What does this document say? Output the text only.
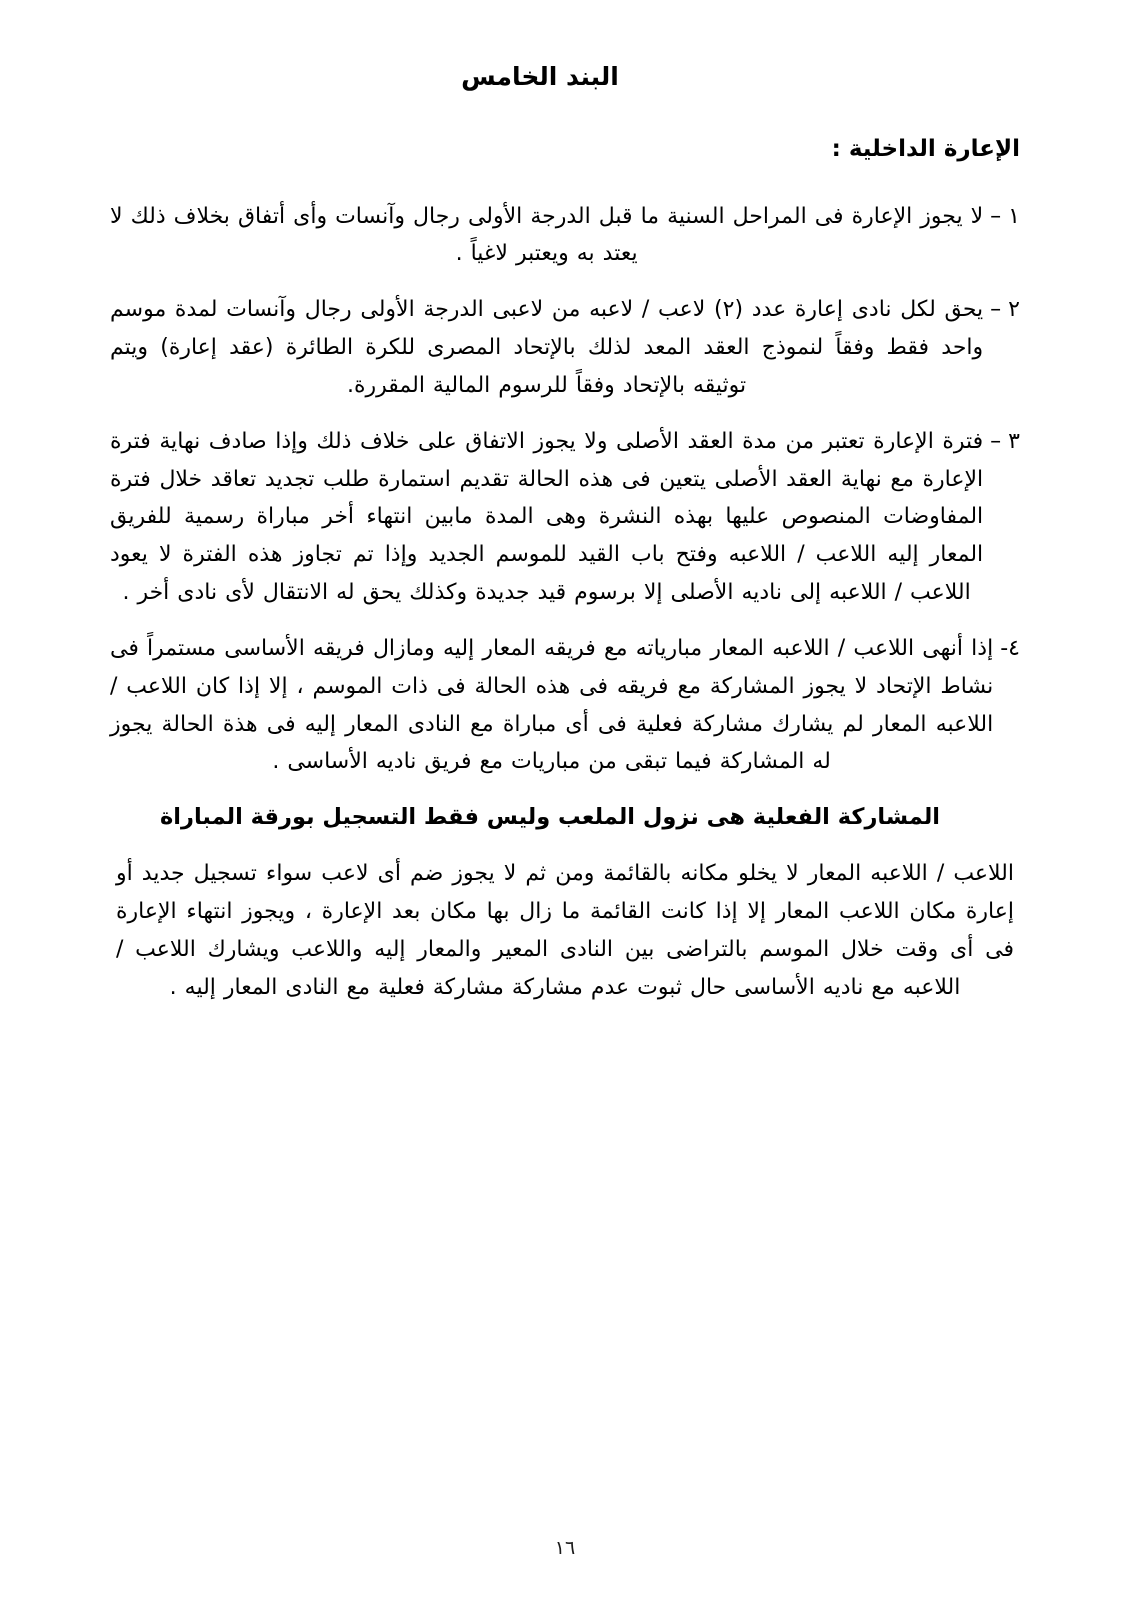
البند الخامس
الإعارة الداخلية :
١ –
لا يجوز الإعارة فى المراحل السنية ما قبل الدرجة الأولى رجال وآنسات وأى أتفاق بخلاف ذلك لا يعتد به ويعتبر لاغياً .
٢ –
يحق لكل نادى إعارة عدد (٢) لاعب / لاعبه من لاعبى الدرجة الأولى رجال وآنسات لمدة موسم واحد فقط وفقاً لنموذج العقد المعد لذلك بالإتحاد المصرى للكرة الطائرة (عقد إعارة) ويتم توثيقه بالإتحاد وفقاً للرسوم المالية المقررة.
٣ –
فترة الإعارة تعتبر من مدة العقد الأصلى ولا يجوز الاتفاق على خلاف ذلك وإذا صادف نهاية فترة الإعارة مع نهاية العقد الأصلى يتعين فى هذه الحالة تقديم استمارة طلب تجديد تعاقد خلال فترة المفاوضات المنصوص عليها بهذه النشرة وهى المدة مابين انتهاء أخر مباراة رسمية للفريق المعار إليه اللاعب / اللاعبه وفتح باب القيد للموسم الجديد وإذا تم تجاوز هذه الفترة لا يعود اللاعب / اللاعبه إلى ناديه الأصلى إلا برسوم قيد جديدة وكذلك يحق له الانتقال لأى نادى أخر .
٤-
إذا أنهى اللاعب / اللاعبه المعار مبارياته مع فريقه المعار إليه ومازال فريقه الأساسى مستمراً فى نشاط الإتحاد لا يجوز المشاركة مع فريقه فى هذه الحالة فى ذات الموسم ، إلا إذا كان اللاعب / اللاعبه المعار لم يشارك مشاركة فعلية فى أى مباراة مع النادى المعار إليه فى هذة الحالة يجوز له المشاركة فيما تبقى من مباريات مع فريق ناديه الأساسى .

المشاركة الفعلية هى نزول الملعب وليس فقط التسجيل بورقة المباراة

اللاعب / اللاعبه المعار لا يخلو مكانه بالقائمة ومن ثم لا يجوز ضم أى لاعب سواء تسجيل جديد أو إعارة مكان اللاعب المعار إلا إذا كانت القائمة ما زال بها مكان بعد الإعارة ، ويجوز انتهاء الإعارة فى أى وقت خلال الموسم بالتراضى بين النادى المعير والمعار إليه واللاعب ويشارك اللاعب / اللاعبه مع ناديه الأساسى حال ثبوت عدم مشاركة مشاركة فعلية مع النادى المعار إليه .

١٦
